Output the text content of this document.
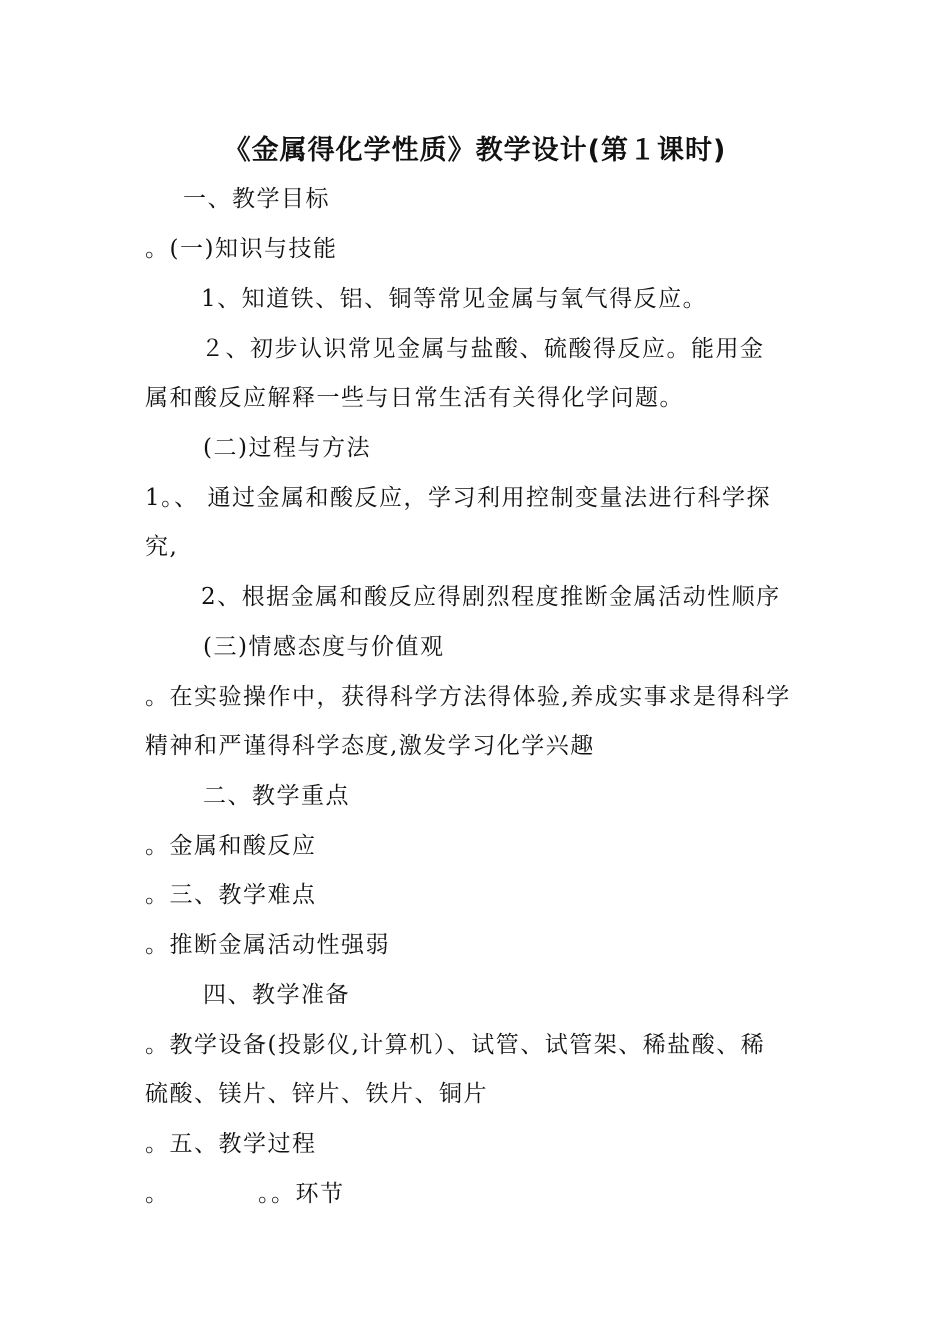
《金属得化学性质》教学设计(第１课时)
一、教学目标
。(一)知识与技能
1、知道铁、铝、铜等常见金属与氧气得反应。
２、初步认识常见金属与盐酸、硫酸得反应。能用金
属和酸反应解释一些与日常生活有关得化学问题。
(二)过程与方法
1。、 通过金属和酸反应，学习利用控制变量法进行科学探
究,
2、根据金属和酸反应得剧烈程度推断金属活动性顺序
(三)情感态度与价值观
。在实验操作中，获得科学方法得体验,养成实事求是得科学
精神和严谨得科学态度,激发学习化学兴趣
二、教学重点
。金属和酸反应
。三、教学难点
。推断金属活动性强弱
四、教学准备
。教学设备(投影仪,计算机）、试管、试管架、稀盐酸、稀
硫酸、镁片、锌片、铁片、铜片
。五、教学过程
。	。。环节
